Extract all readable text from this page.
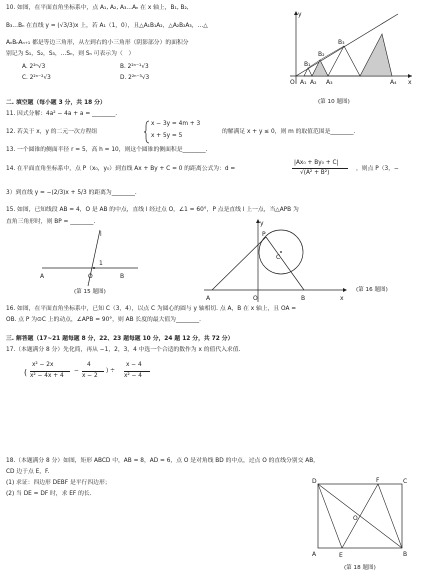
10. 如图，在平面直角坐标系中，点 A₁, A₂, A₃…Aₙ 在 x 轴上，B₁, B₂,
B₃…Bₙ 在直线 y = (√3/3)x 上，若 A₁（1，0），且△A₁B₁A₂，△A₂B₂A₃，…△
AₙBₙAₙ₊₁ 都是等边三角形，从左到右的小三角形（阴影部分）的面积分
别记为 S₁，S₂，S₃，…Sₙ，则 Sₙ 可表示为（　）
A. 2²ⁿ√3	B. 2²ⁿ⁻¹√3
C. 2²ⁿ⁻²√3	D. 2²ⁿ⁻³√3
O A₁ A₂ A₃	A₄ x
y
B₁
B₂
B₃
(第 10 题图)
二. 填空题（每小题 3 分，共 18 分）
11. 因式分解：4a² − 4a + a = ________.
12. 若关于 x，y 的二元一次方程组
x − 3y = 4m + 3
x + 5y = 5
的解满足 x + y ≤ 0，则 m 的取值范围是________.
13. 一个圆锥的侧面半径 r = 5，高 h = 10，则这个圆锥的侧面积是________.
14. 在平面直角坐标系中，点 P（x₀，y₀）到直线 Ax + By + C = 0 的距离公式为：d =
|Ax₀ + By₀ + C|
√(A² + B²)
，则点 P（3，−
3）到直线 y = −(2/3)x + 5/3 的距离为________.
15. 如图，已知线段 AB = 4，O 是 AB 的中点，直线 l 经过点 O，∠1 = 60°，P 点是直线 l 上一点，当△APB 为
直角三角形时，则 BP = ________.
l
A	O	B
1
(第 15 题图)
y
P
C
A	O	B	x
(第 16 题图)
16. 如图，在平面直角坐标系中，已知 C（3，4），以点 C 为圆心的圆与 y 轴相切. 点 A，B 在 x 轴上，且 OA =
OB. 点 P 为⊙C 上的动点，∠APB = 90°，则 AB 长度的最大值为________.
三. 解答题（17~21 题每题 8 分，22、23 题每题 10 分，24 题 12 分，共 72 分）
17.（本题满分 8 分）先化简，再从 −1，2，3，4 中选一个合适的数作为 x 的值代入求值.
(
x² − 2x
x² − 4x + 4
−
4
x − 2
) ÷
x − 4
x² − 4
18.（本题满分 8 分）如图，矩形 ABCD 中，AB = 8，AD = 6，点 O 是对角线 BD 的中点，过点 O 的直线分别交 AB，
CD 边于点 E，F.
(1) 求证：四边形 DEBF 是平行四边形；
(2) 当 DE = DF 时，求 EF 的长.
D	F	C
O
A	E	B
(第 18 题图)
